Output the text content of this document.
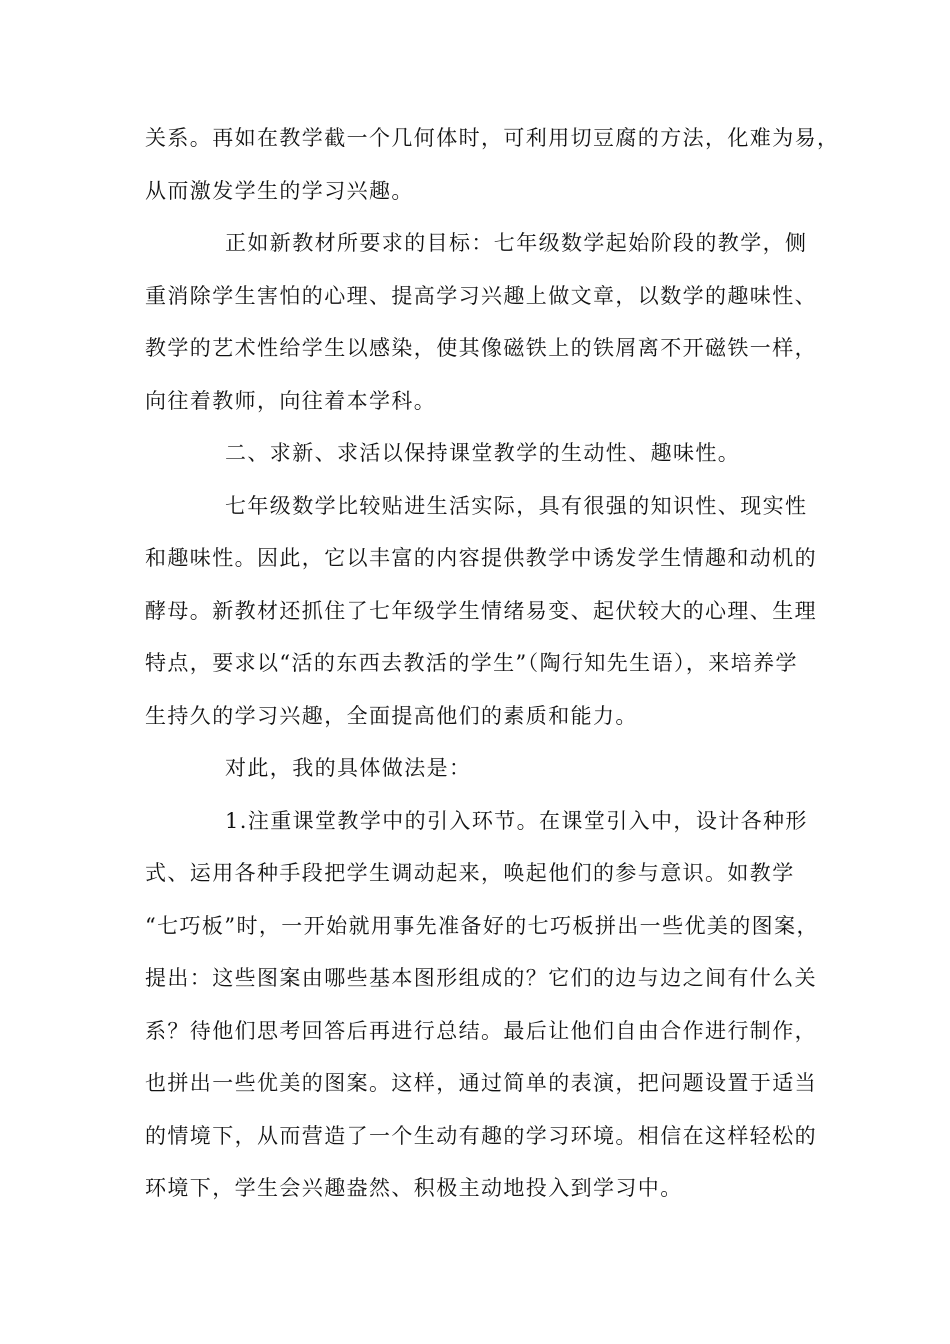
关系。再如在教学截一个几何体时，可利用切豆腐的方法，化难为易，
从而激发学生的学习兴趣。
正如新教材所要求的目标：七年级数学起始阶段的教学，侧
重消除学生害怕的心理、提高学习兴趣上做文章，以数学的趣味性、
教学的艺术性给学生以感染，使其像磁铁上的铁屑离不开磁铁一样，
向往着教师，向往着本学科。
二、求新、求活以保持课堂教学的生动性、趣味性。
七年级数学比较贴进生活实际，具有很强的知识性、现实性
和趣味性。因此，它以丰富的内容提供教学中诱发学生情趣和动机的
酵母。新教材还抓住了七年级学生情绪易变、起伏较大的心理、生理
特点，要求以“活的东西去教活的学生”（陶行知先生语），来培养学
生持久的学习兴趣，全面提高他们的素质和能力。
对此，我的具体做法是：
1.注重课堂教学中的引入环节。在课堂引入中，设计各种形
式、运用各种手段把学生调动起来，唤起他们的参与意识。如教学
“七巧板”时，一开始就用事先准备好的七巧板拼出一些优美的图案，
提出：这些图案由哪些基本图形组成的？它们的边与边之间有什么关
系？待他们思考回答后再进行总结。最后让他们自由合作进行制作，
也拼出一些优美的图案。这样，通过简单的表演，把问题设置于适当
的情境下，从而营造了一个生动有趣的学习环境。相信在这样轻松的
环境下，学生会兴趣盎然、积极主动地投入到学习中。
